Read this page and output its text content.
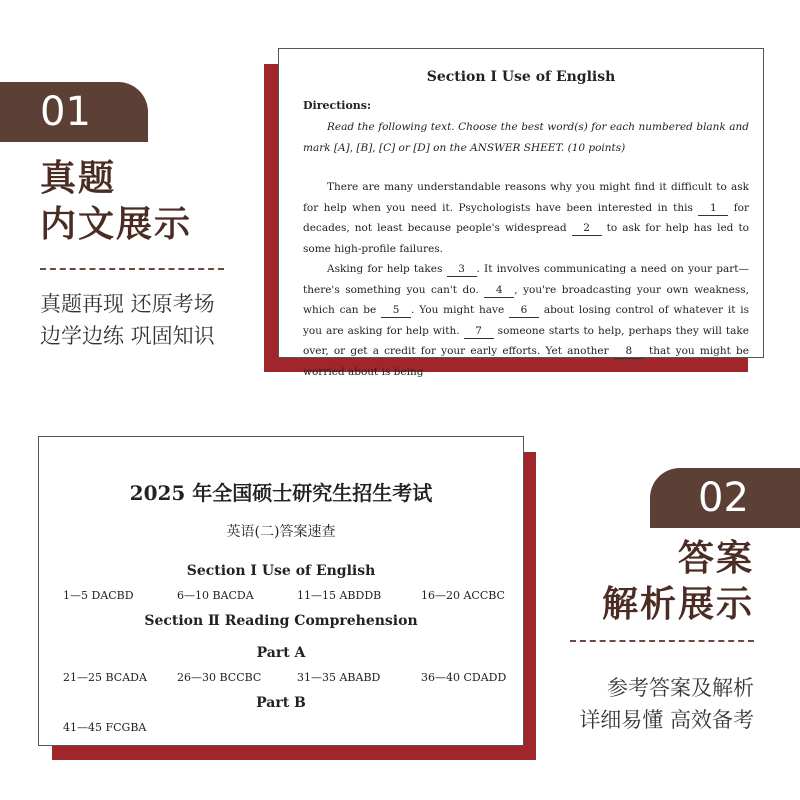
01
真题
内文展示
真题再现 还原考场
边学边练 巩固知识
Section Ⅰ Use of English
Directions:
Read the following text. Choose the best word(s) for each numbered blank and mark [A], [B], [C] or [D] on the ANSWER SHEET. (10 points)
There are many understandable reasons why you might find it difficult to ask for help when you need it. Psychologists have been interested in this 1 for decades, not least because people's widespread 2 to ask for help has led to some high-profile failures.
Asking for help takes 3 . It involves communicating a need on your part—there's something you can't do. 4 , you're broadcasting your own weakness, which can be 5 . You might have 6 about losing control of whatever it is you are asking for help with. 7 someone starts to help, perhaps they will take over, or get a credit for your early efforts. Yet another 8 that you might be worried about is being
2025 年全国硕士研究生招生考试
英语(二)答案速查
Section Ⅰ Use of English
1—5 DACBD	6—10 BACDA	11—15 ABDDB	16—20 ACCBC
Section Ⅱ Reading Comprehension
Part A
21—25 BCADA	26—30 BCCBC	31—35 ABABD	36—40 CDADD
Part B
41—45 FCGBA
02
答案
解析展示
参考答案及解析
详细易懂 高效备考
